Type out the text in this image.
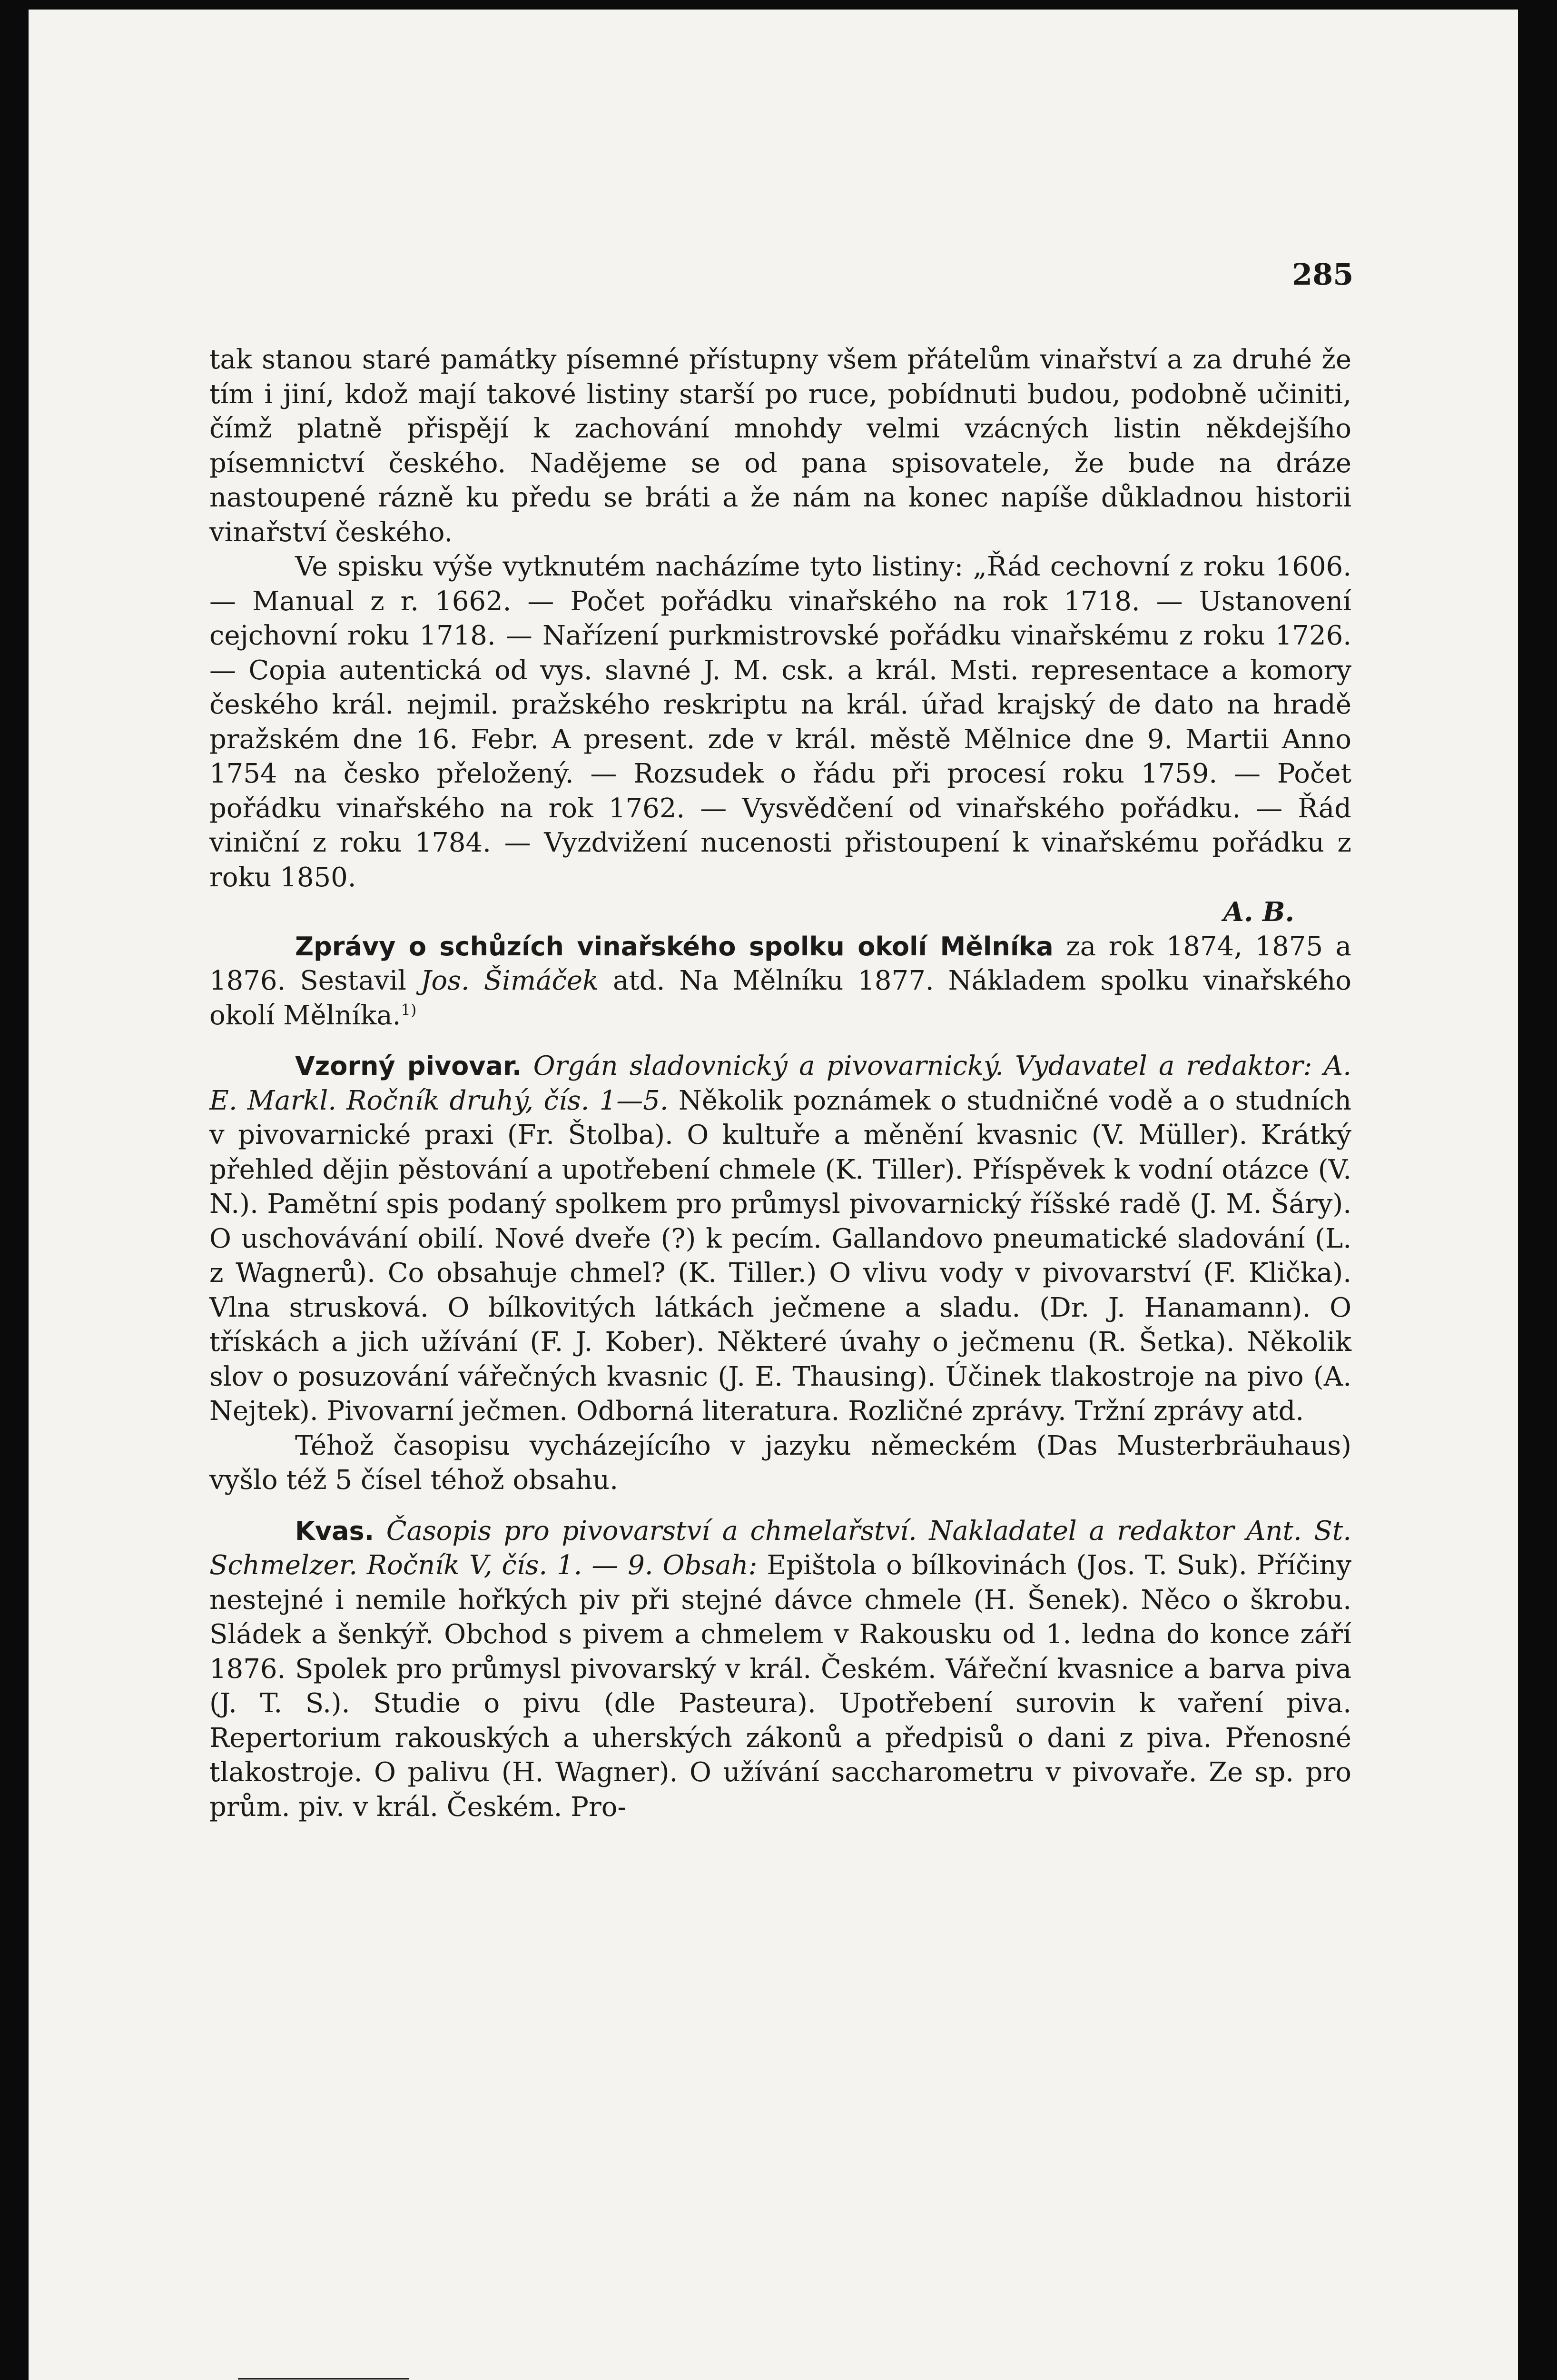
285

tak stanou staré památky písemné přístupny všem přátelům vinařství a za druhé že tím i jiní, kdož mají takové listiny starší po ruce, pobídnuti budou, podobně učiniti, čímž platně přispějí k zachování mnohdy velmi vzácných listin někdejšího písemnictví českého. Nadějeme se od pana spisovatele, že bude na dráze nastoupené rázně ku předu se bráti a že nám na konec napíše důkladnou historii vinařství českého.

Ve spisku výše vytknutém nacházíme tyto listiny: „Řád cechovní z roku 1606. — Manual z r. 1662. — Počet pořádku vinařského na rok 1718. — Ustanovení cejchovní roku 1718. — Nařízení purkmistrovské pořádku vinařskému z roku 1726. — Copia autentická od vys. slavné J. M. csk. a král. Msti. representace a komory českého král. nejmil. pražského reskriptu na král. úřad krajský de dato na hradě pražském dne 16. Febr. A present. zde v král. městě Mělnice dne 9. Martii Anno 1754 na česko přeložený. — Rozsudek o řádu při procesí roku 1759. — Počet pořádku vinařského na rok 1762. — Vysvědčení od vinařského pořádku. — Řád viniční z roku 1784. — Vyzdvižení nucenosti přistoupení k vinařskému pořádku z roku 1850.

A. B.

Zprávy o schůzích vinařského spolku okolí Mělníka za rok 1874, 1875 a 1876. Sestavil Jos. Šimáček atd. Na Mělníku 1877. Nákladem spolku vinařského okolí Mělníka.$^{1)}$

Vzorný pivovar. Orgán sladovnický a pivovarnický. Vydavatel a redaktor: A. E. Markl. Ročník druhý, čís. 1—5. Několik poznámek o studničné vodě a o studních v pivovarnické praxi (Fr. Štolba). O kultuře a měnění kvasnic (V. Müller). Krátký přehled dějin pěstování a upotřebení chmele (K. Tiller). Příspěvek k vodní otázce (V. N.). Pamětní spis podaný spolkem pro průmysl pivovarnický říšské radě (J. M. Šáry). O uschovávání obilí. Nové dveře (?) k pecím. Gallandovo pneumatické sladování (L. z Wagnerů). Co obsahuje chmel? (K. Tiller.) O vlivu vody v pivovarství (F. Klička). Vlna strusková. O bílkovitých látkách ječmene a sladu. (Dr. J. Hanamann). O třískách a jich užívání (F. J. Kober). Některé úvahy o ječmenu (R. Šetka). Několik slov o posuzování vářečných kvasnic (J. E. Thausing). Účinek tlakostroje na pivo (A. Nejtek). Pivovarní ječmen. Odborná literatura. Rozličné zprávy. Tržní zprávy atd.

Téhož časopisu vycházejícího v jazyku německém (Das Musterbräuhaus) vyšlo též 5 čísel téhož obsahu.

Kvas. Časopis pro pivovarství a chmelařství. Nakladatel a redaktor Ant. St. Schmelzer. Ročník V, čís. 1. — 9. Obsah: Epištola o bílkovinách (Jos. T. Suk). Příčiny nestejné i nemile hořkých piv při stejné dávce chmele (H. Šenek). Něco o škrobu. Sládek a šenkýř. Obchod s pivem a chmelem v Rakousku od 1. ledna do konce září 1876. Spolek pro průmysl pivovarský v král. Českém. Vářeční kvasnice a barva piva (J. T. S.). Studie o pivu (dle Pasteura). Upotřebení surovin k vaření piva. Repertorium rakouských a uherských zákonů a předpisů o dani z piva. Přenosné tlakostroje. O palivu (H. Wagner). O užívání saccharometru v pivovaře. Ze sp. pro prům. piv. v král. Českém. Pro-
